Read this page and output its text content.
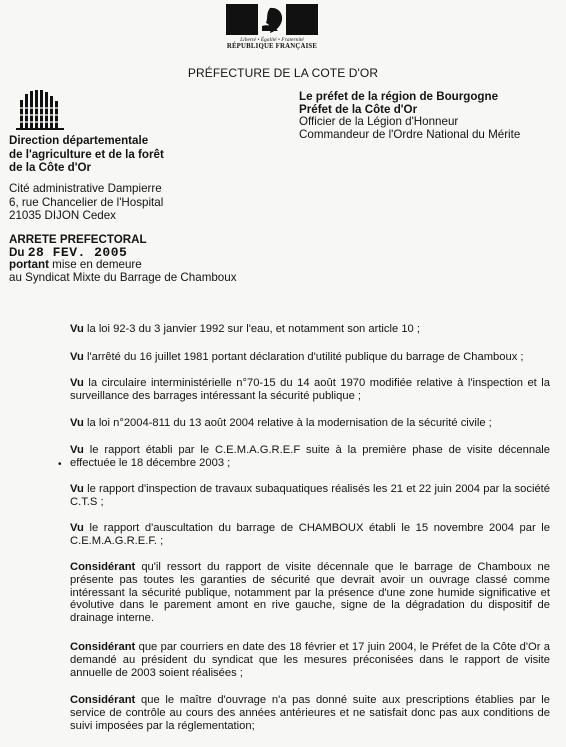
Liberté • Égalité • Fraternité
RÉPUBLIQUE FRANÇAISE
PRÉFECTURE DE LA COTE D'OR
Direction départementale
de l'agriculture et de la forêt
de la Côte d'Or
Cité administrative Dampierre
6, rue Chancelier de l'Hospital
21035 DIJON Cedex
Le préfet de la région de Bourgogne
Préfet de la Côte d'Or
Officier de la Légion d'Honneur
Commandeur de l'Ordre National du Mérite
ARRETE PREFECTORAL
Du 28 FEV. 2005
portant mise en demeure
au Syndicat Mixte du Barrage de Chamboux
Vu la loi 92-3 du 3 janvier 1992 sur l'eau, et notamment son article 10 ;
Vu l'arrêté du 16 juillet 1981 portant déclaration d'utilité publique du barrage de Chamboux ;
Vu la circulaire interministérielle n°70-15 du 14 août 1970 modifiée relative à l'inspection et la surveillance des barrages intéressant la sécurité publique ;
Vu la loi n°2004-811 du 13 août 2004 relative à la modernisation de la sécurité civile ;
•
Vu le rapport établi par le C.E.M.A.G.R.E.F suite à la première phase de visite décennale effectuée le 18 décembre 2003 ;
Vu le rapport d'inspection de travaux subaquatiques réalisés les 21 et 22 juin 2004 par la société C.T.S ;
Vu le rapport d'auscultation du barrage de CHAMBOUX établi le 15 novembre 2004 par le C.E.M.A.G.R.E.F. ;
Considérant qu'il ressort du rapport de visite décennale que le barrage de Chamboux ne présente pas toutes les garanties de sécurité que devrait avoir un ouvrage classé comme intéressant la sécurité publique, notamment par la présence d'une zone humide significative et évolutive dans le parement amont en rive gauche, signe de la dégradation du dispositif de drainage interne.
Considérant que par courriers en date des 18 février et 17 juin 2004, le Préfet de la Côte d'Or a demandé au président du syndicat que les mesures préconisées dans le rapport de visite annuelle de 2003 soient réalisées ;
Considérant que le maître d'ouvrage n'a pas donné suite aux prescriptions établies par le service de contrôle au cours des années antérieures et ne satisfait donc pas aux conditions de suivi imposées par la réglementation;
